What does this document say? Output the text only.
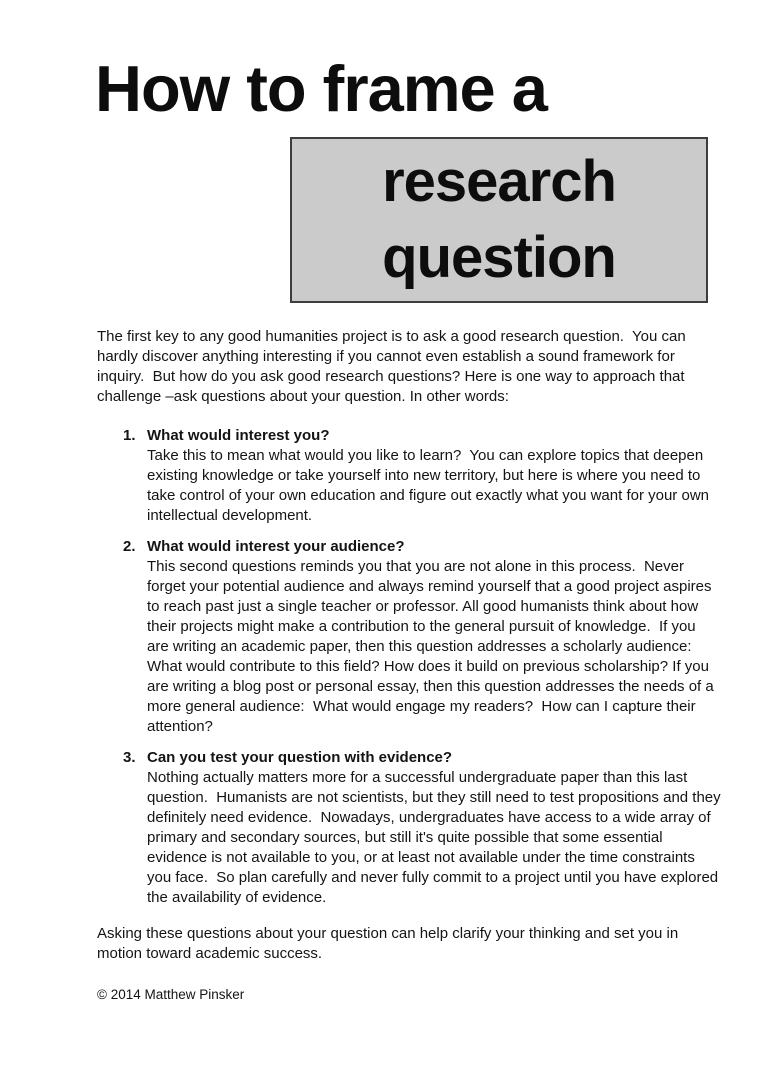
How to frame a
research
question

The first key to any good humanities project is to ask a good research question.  You can hardly discover anything interesting if you cannot even establish a sound framework for inquiry.  But how do you ask good research questions? Here is one way to approach that challenge –ask questions about your question. In other words:

1. What would interest you?
Take this to mean what would you like to learn?  You can explore topics that deepen existing knowledge or take yourself into new territory, but here is where you need to take control of your own education and figure out exactly what you want for your own intellectual development.
2. What would interest your audience?
This second questions reminds you that you are not alone in this process.  Never forget your potential audience and always remind yourself that a good project aspires to reach past just a single teacher or professor. All good humanists think about how their projects might make a contribution to the general pursuit of knowledge.  If you are writing an academic paper, then this question addresses a scholarly audience:  What would contribute to this field? How does it build on previous scholarship? If you are writing a blog post or personal essay, then this question addresses the needs of a more general audience:  What would engage my readers?  How can I capture their attention?
3. Can you test your question with evidence?
Nothing actually matters more for a successful undergraduate paper than this last question.  Humanists are not scientists, but they still need to test propositions and they definitely need evidence.  Nowadays, undergraduates have access to a wide array of primary and secondary sources, but still it's quite possible that some essential evidence is not available to you, or at least not available under the time constraints you face.  So plan carefully and never fully commit to a project until you have explored the availability of evidence.

Asking these questions about your question can help clarify your thinking and set you in motion toward academic success.

© 2014 Matthew Pinsker
